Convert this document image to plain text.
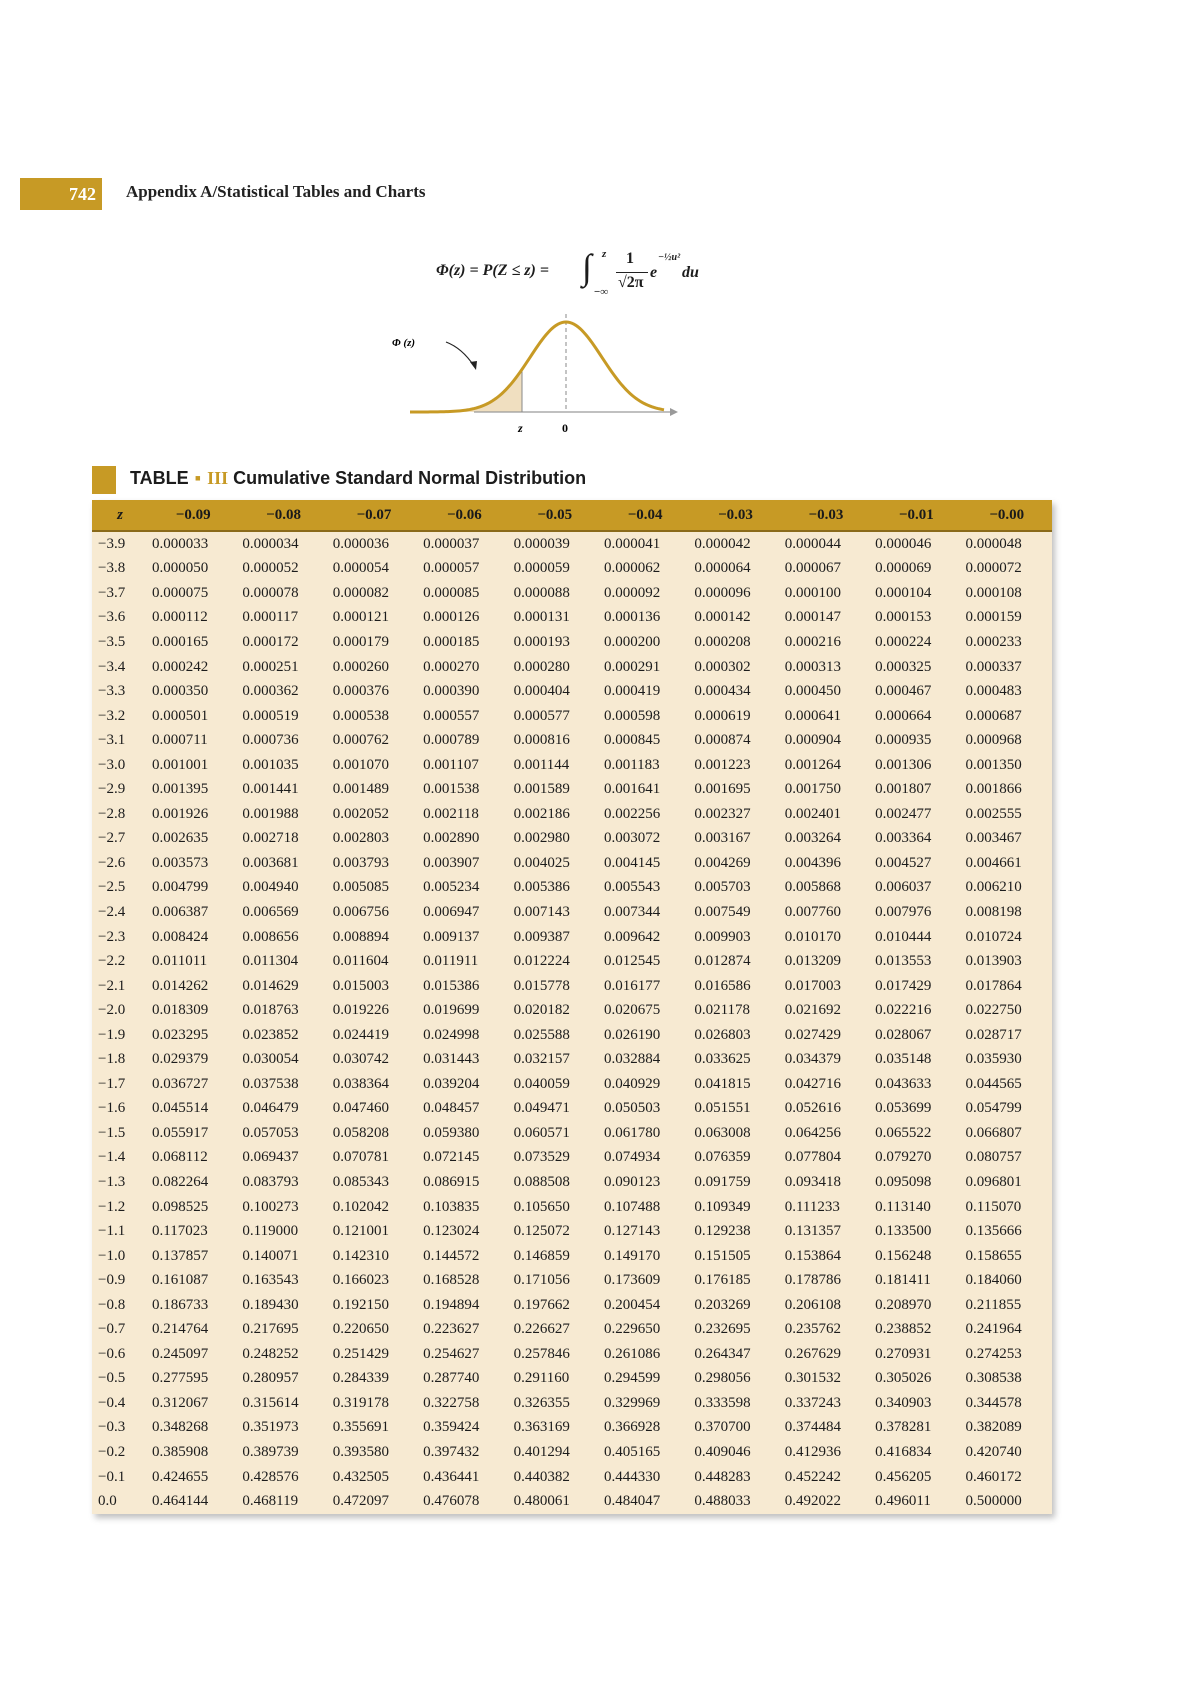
742 Appendix A/Statistical Tables and Charts
Φ(z) = P(Z ≤ z) = ∫ z
−∞
1
√2π
e
−½u²
du
Φ (z)
z	0
TABLE ▪ III Cumulative Standard Normal Distribution
z	−0.09	−0.08	−0.07	−0.06	−0.05	−0.04	−0.03	−0.03	−0.01	−0.00
−3.9	0.000033	0.000034	0.000036	0.000037	0.000039	0.000041	0.000042	0.000044	0.000046	0.000048
−3.8	0.000050	0.000052	0.000054	0.000057	0.000059	0.000062	0.000064	0.000067	0.000069	0.000072
−3.7	0.000075	0.000078	0.000082	0.000085	0.000088	0.000092	0.000096	0.000100	0.000104	0.000108
−3.6	0.000112	0.000117	0.000121	0.000126	0.000131	0.000136	0.000142	0.000147	0.000153	0.000159
−3.5	0.000165	0.000172	0.000179	0.000185	0.000193	0.000200	0.000208	0.000216	0.000224	0.000233
−3.4	0.000242	0.000251	0.000260	0.000270	0.000280	0.000291	0.000302	0.000313	0.000325	0.000337
−3.3	0.000350	0.000362	0.000376	0.000390	0.000404	0.000419	0.000434	0.000450	0.000467	0.000483
−3.2	0.000501	0.000519	0.000538	0.000557	0.000577	0.000598	0.000619	0.000641	0.000664	0.000687
−3.1	0.000711	0.000736	0.000762	0.000789	0.000816	0.000845	0.000874	0.000904	0.000935	0.000968
−3.0	0.001001	0.001035	0.001070	0.001107	0.001144	0.001183	0.001223	0.001264	0.001306	0.001350
−2.9	0.001395	0.001441	0.001489	0.001538	0.001589	0.001641	0.001695	0.001750	0.001807	0.001866
−2.8	0.001926	0.001988	0.002052	0.002118	0.002186	0.002256	0.002327	0.002401	0.002477	0.002555
−2.7	0.002635	0.002718	0.002803	0.002890	0.002980	0.003072	0.003167	0.003264	0.003364	0.003467
−2.6	0.003573	0.003681	0.003793	0.003907	0.004025	0.004145	0.004269	0.004396	0.004527	0.004661
−2.5	0.004799	0.004940	0.005085	0.005234	0.005386	0.005543	0.005703	0.005868	0.006037	0.006210
−2.4	0.006387	0.006569	0.006756	0.006947	0.007143	0.007344	0.007549	0.007760	0.007976	0.008198
−2.3	0.008424	0.008656	0.008894	0.009137	0.009387	0.009642	0.009903	0.010170	0.010444	0.010724
−2.2	0.011011	0.011304	0.011604	0.011911	0.012224	0.012545	0.012874	0.013209	0.013553	0.013903
−2.1	0.014262	0.014629	0.015003	0.015386	0.015778	0.016177	0.016586	0.017003	0.017429	0.017864
−2.0	0.018309	0.018763	0.019226	0.019699	0.020182	0.020675	0.021178	0.021692	0.022216	0.022750
−1.9	0.023295	0.023852	0.024419	0.024998	0.025588	0.026190	0.026803	0.027429	0.028067	0.028717
−1.8	0.029379	0.030054	0.030742	0.031443	0.032157	0.032884	0.033625	0.034379	0.035148	0.035930
−1.7	0.036727	0.037538	0.038364	0.039204	0.040059	0.040929	0.041815	0.042716	0.043633	0.044565
−1.6	0.045514	0.046479	0.047460	0.048457	0.049471	0.050503	0.051551	0.052616	0.053699	0.054799
−1.5	0.055917	0.057053	0.058208	0.059380	0.060571	0.061780	0.063008	0.064256	0.065522	0.066807
−1.4	0.068112	0.069437	0.070781	0.072145	0.073529	0.074934	0.076359	0.077804	0.079270	0.080757
−1.3	0.082264	0.083793	0.085343	0.086915	0.088508	0.090123	0.091759	0.093418	0.095098	0.096801
−1.2	0.098525	0.100273	0.102042	0.103835	0.105650	0.107488	0.109349	0.111233	0.113140	0.115070
−1.1	0.117023	0.119000	0.121001	0.123024	0.125072	0.127143	0.129238	0.131357	0.133500	0.135666
−1.0	0.137857	0.140071	0.142310	0.144572	0.146859	0.149170	0.151505	0.153864	0.156248	0.158655
−0.9	0.161087	0.163543	0.166023	0.168528	0.171056	0.173609	0.176185	0.178786	0.181411	0.184060
−0.8	0.186733	0.189430	0.192150	0.194894	0.197662	0.200454	0.203269	0.206108	0.208970	0.211855
−0.7	0.214764	0.217695	0.220650	0.223627	0.226627	0.229650	0.232695	0.235762	0.238852	0.241964
−0.6	0.245097	0.248252	0.251429	0.254627	0.257846	0.261086	0.264347	0.267629	0.270931	0.274253
−0.5	0.277595	0.280957	0.284339	0.287740	0.291160	0.294599	0.298056	0.301532	0.305026	0.308538
−0.4	0.312067	0.315614	0.319178	0.322758	0.326355	0.329969	0.333598	0.337243	0.340903	0.344578
−0.3	0.348268	0.351973	0.355691	0.359424	0.363169	0.366928	0.370700	0.374484	0.378281	0.382089
−0.2	0.385908	0.389739	0.393580	0.397432	0.401294	0.405165	0.409046	0.412936	0.416834	0.420740
−0.1	0.424655	0.428576	0.432505	0.436441	0.440382	0.444330	0.448283	0.452242	0.456205	0.460172
0.0	0.464144	0.468119	0.472097	0.476078	0.480061	0.484047	0.488033	0.492022	0.496011	0.500000
